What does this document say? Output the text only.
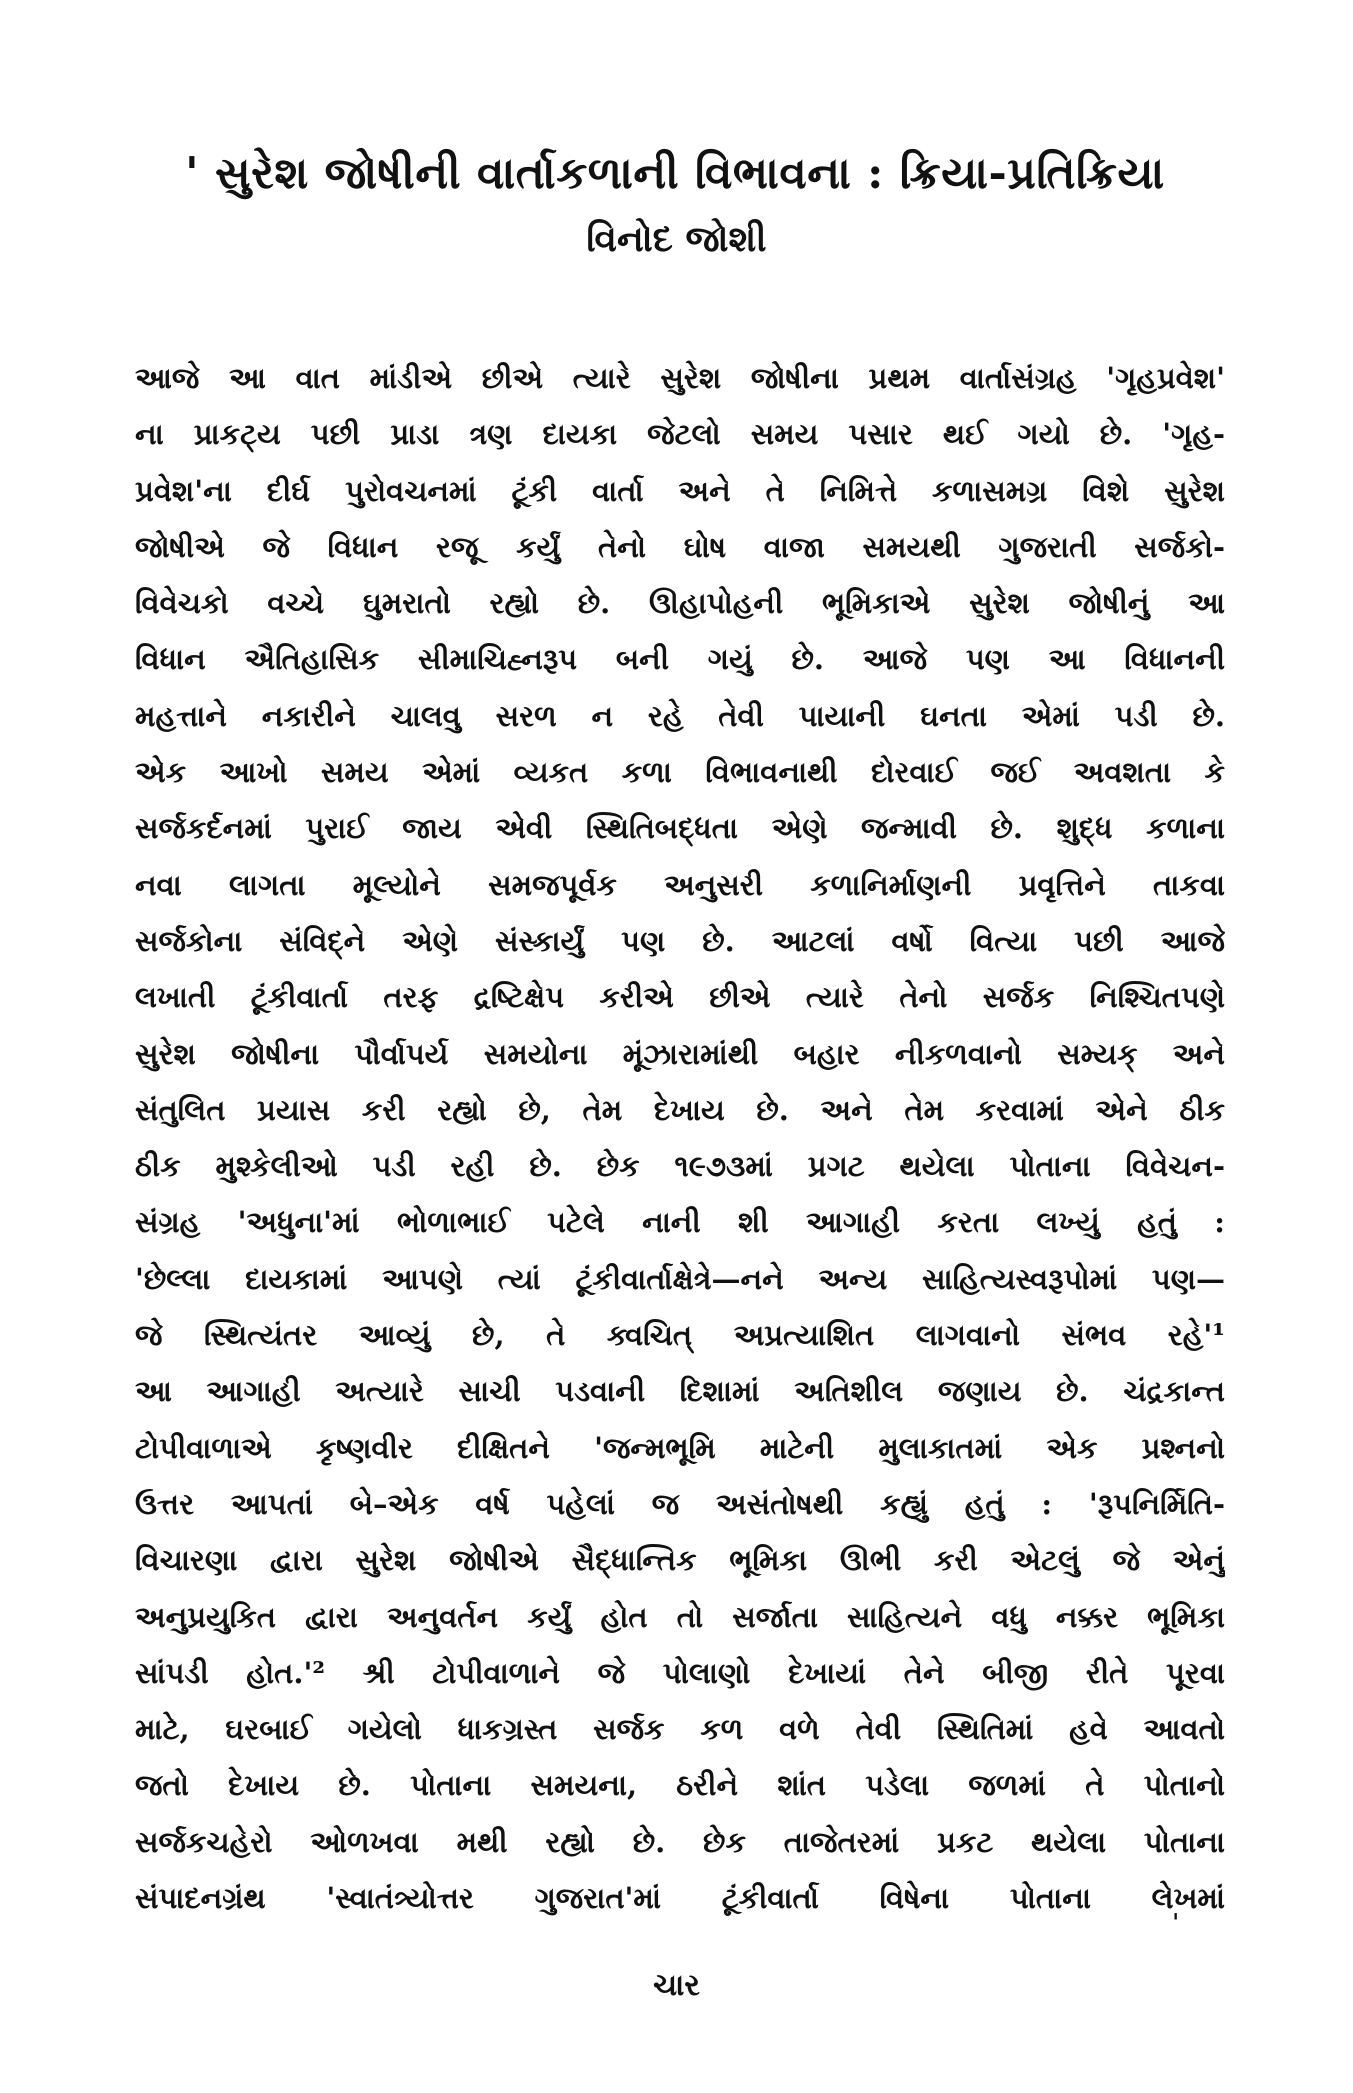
' સુરેશ જોષીની વાર્તાકળાની વિભાવના : ક્રિયા-પ્રતિક્રિયા
વિનોદ જોશી
આજે આ વાત માંડીએ છીએ ત્યારે સુરેશ જોષીના પ્રથમ વાર્તાસંગ્રહ 'ગૃહપ્રવેશ'
ના પ્રાકટ્ય પછી પ્રાડા ત્રણ દાયકા જેટલો સમય પસાર થઈ ગયો છે. 'ગૃહ-
પ્રવેશ'ના દીર્ઘ પુરોવચનમાં ટૂંકી વાર્તા અને તે નિમિત્તે કળાસમગ્ર વિશે સુરેશ
જોષીએ જે વિધાન રજૂ કર્યું તેનો ઘોષ વાજા સમયથી ગુજરાતી સર્જકો-
વિવેચકો વચ્ચે ઘુમરાતો રહ્યો છે. ઊહાપોહની ભૂમિકાએ સુરેશ જોષીનું આ
વિધાન ઐતિહાસિક સીમાચિહ્નરૂપ બની ગયું છે. આજે પણ આ વિધાનની
મહત્તાને નકારીને ચાલવુ સરળ ન રહે તેવી પાયાની ઘનતા એમાં પડી છે.
એક આખો સમય એમાં વ્યકત કળા વિભાવનાથી દોરવાઈ જઈ અવશતા કે
સર્જકર્દનમાં પુરાઈ જાય એવી સ્થિતિબદ્ધતા એણે જન્માવી છે. શુદ્ધ કળાના
નવા લાગતા મૂલ્યોને સમજપૂર્વક અનુસરી કળાનિર્માણની પ્રવૃત્તિને તાકવા
સર્જકોના સંવિદ્‌ને એણે સંસ્કાર્યું પણ છે. આટલાં વર્ષો વિત્યા પછી આજે
લખાતી ટૂંકીવાર્તા તરફ દ્રષ્ટિક્ષેપ કરીએ છીએ ત્યારે તેનો સર્જક નિશ્ચિતપણે
સુરેશ જોષીના પૌર્વાપર્ય સમયોના મૂંઝારામાંથી બહાર નીકળવાનો સમ્યક્ અને
સંતુલિત પ્રયાસ કરી રહ્યો છે, તેમ દેખાય છે. અને તેમ કરવામાં એને ઠીક
ઠીક મુશ્કેલીઓ પડી રહી છે. છેક ૧૯૭૩માં પ્રગટ થયેલા પોતાના વિવેચન-
સંગ્રહ 'અધુના'માં ભોળાભાઈ પટેલે નાની શી આગાહી કરતા લખ્યું હતું :
'છેલ્લા દાયકામાં આપણે ત્યાં ટૂંકીવાર્તાક્ષેત્રે—નને અન્ય સાહિત્યસ્વરૂપોમાં પણ—
જે સ્થિત્યંતર આવ્યું છે, તે ક્વચિત્ અપ્રત્યાશિત લાગવાનો સંભવ રહે'¹
આ આગાહી અત્યારે સાચી પડવાની દિશામાં અતિશીલ જણાય છે. ચંદ્રકાન્ત
ટોપીવાળાએ કૃષ્ણવીર દીક્ષિતને 'જન્મભૂમિ માટેની મુલાકાતમાં એક પ્રશ્નનો
ઉત્તર આપતાં બે–એક વર્ષ પહેલાં જ અસંતોષથી કહ્યું હતું : 'રૂપનિર્મિતિ-
વિચારણા દ્વારા સુરેશ જોષીએ સૈદ્ધાન્તિક ભૂમિકા ઊભી કરી એટલું જે એનું
અનુપ્રયુકિત દ્વારા અનુવર્તન કર્યું હોત તો સર્જાતા સાહિત્યને વધુ નક્કર ભૂમિકા
સાંપડી હોત.'² શ્રી ટોપીવાળાને જે પોલાણો દેખાયાં તેને બીજી રીતે પૂરવા
માટે, ઘરબાઈ ગયેલો ધાકગ્રસ્ત સર્જક કળ વળે તેવી સ્થિતિમાં હવે આવતો
જતો દેખાય છે. પોતાના સમયના, ઠરીને શાંત પડેલા જળમાં તે પોતાનો
સર્જકચહેરો ઓળખવા મથી રહ્યો છે. છેક તાજેતરમાં પ્રકટ થયેલા પોતાના
સંપાદનગ્રંથ 'સ્વાતંત્ર્યોત્તર ગુજરાત'માં ટૂંકીવાર્તા વિષેના પોતાના લેખમાં
ˈ
ચાર
